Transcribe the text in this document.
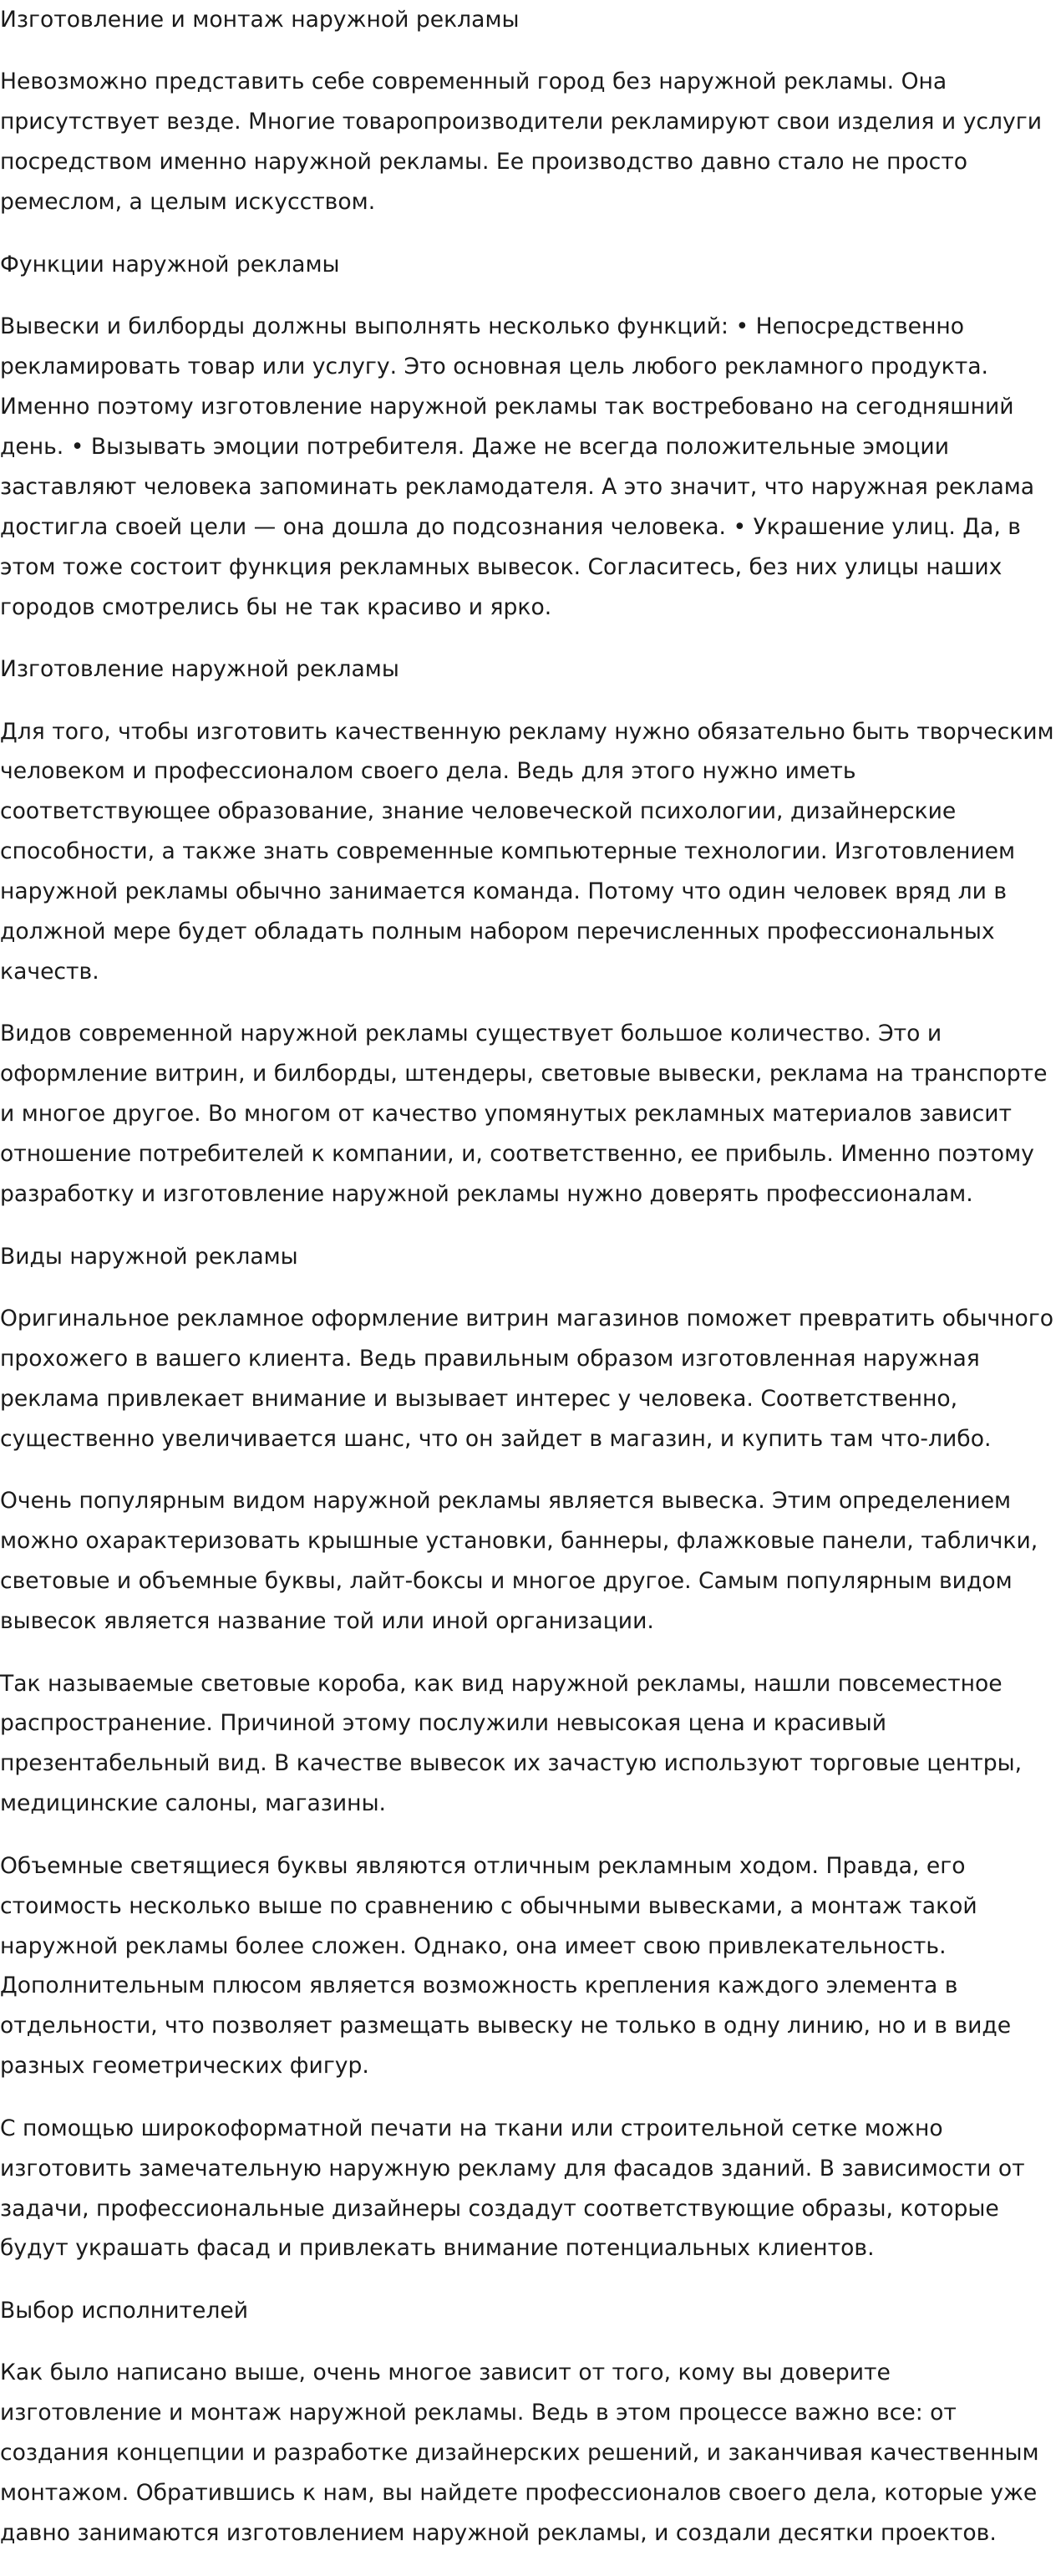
Изготовление и монтаж наружной рекламы

Невозможно представить себе современный город без наружной рекламы. Она присутствует везде. Многие товаропроизводители рекламируют свои изделия и услуги посредством именно наружной рекламы. Ее производство давно стало не просто ремеслом, а целым искусством.

Функции наружной рекламы

Вывески и билборды должны выполнять несколько функций: • Непосредственно рекламировать товар или услугу. Это основная цель любого рекламного продукта. Именно поэтому изготовление наружной рекламы так востребовано на сегодняшний день. • Вызывать эмоции потребителя. Даже не всегда положительные эмоции заставляют человека запоминать рекламодателя. А это значит, что наружная реклама достигла своей цели — она дошла до подсознания человека. • Украшение улиц. Да, в этом тоже состоит функция рекламных вывесок. Согласитесь, без них улицы наших городов смотрелись бы не так красиво и ярко.

Изготовление наружной рекламы

Для того, чтобы изготовить качественную рекламу нужно обязательно быть творческим человеком и профессионалом своего дела. Ведь для этого нужно иметь соответствующее образование, знание человеческой психологии, дизайнерские способности, а также знать современные компьютерные технологии. Изготовлением наружной рекламы обычно занимается команда. Потому что один человек вряд ли в должной мере будет обладать полным набором перечисленных профессиональных качеств.

Видов современной наружной рекламы существует большое количество. Это и оформление витрин, и билборды, штендеры, световые вывески, реклама на транспорте и многое другое. Во многом от качество упомянутых рекламных материалов зависит отношение потребителей к компании, и, соответственно, ее прибыль. Именно поэтому разработку и изготовление наружной рекламы нужно доверять профессионалам.

Виды наружной рекламы

Оригинальное рекламное оформление витрин магазинов поможет превратить обычного прохожего в вашего клиента. Ведь правильным образом изготовленная наружная реклама привлекает внимание и вызывает интерес у человека. Соответственно, существенно увеличивается шанс, что он зайдет в магазин, и купить там что-либо.

Очень популярным видом наружной рекламы является вывеска. Этим определением можно охарактеризовать крышные установки, баннеры, флажковые панели, таблички, световые и объемные буквы, лайт-боксы и многое другое. Самым популярным видом вывесок является название той или иной организации.

Так называемые световые короба, как вид наружной рекламы, нашли повсеместное распространение. Причиной этому послужили невысокая цена и красивый презентабельный вид. В качестве вывесок их зачастую используют торговые центры, медицинские салоны, магазины.

Объемные светящиеся буквы являются отличным рекламным ходом. Правда, его стоимость несколько выше по сравнению с обычными вывесками, а монтаж такой наружной рекламы более сложен. Однако, она имеет свою привлекательность. Дополнительным плюсом является возможность крепления каждого элемента в отдельности, что позволяет размещать вывеску не только в одну линию, но и в виде разных геометрических фигур.

С помощью широкоформатной печати на ткани или строительной сетке можно изготовить замечательную наружную рекламу для фасадов зданий. В зависимости от задачи, профессиональные дизайнеры создадут соответствующие образы, которые будут украшать фасад и привлекать внимание потенциальных клиентов.

Выбор исполнителей

Как было написано выше, очень многое зависит от того, кому вы доверите изготовление и монтаж наружной рекламы. Ведь в этом процессе важно все: от создания концепции и разработке дизайнерских решений, и заканчивая качественным монтажом. Обратившись к нам, вы найдете профессионалов своего дела, которые уже давно занимаются изготовлением наружной рекламы, и создали десятки проектов.
